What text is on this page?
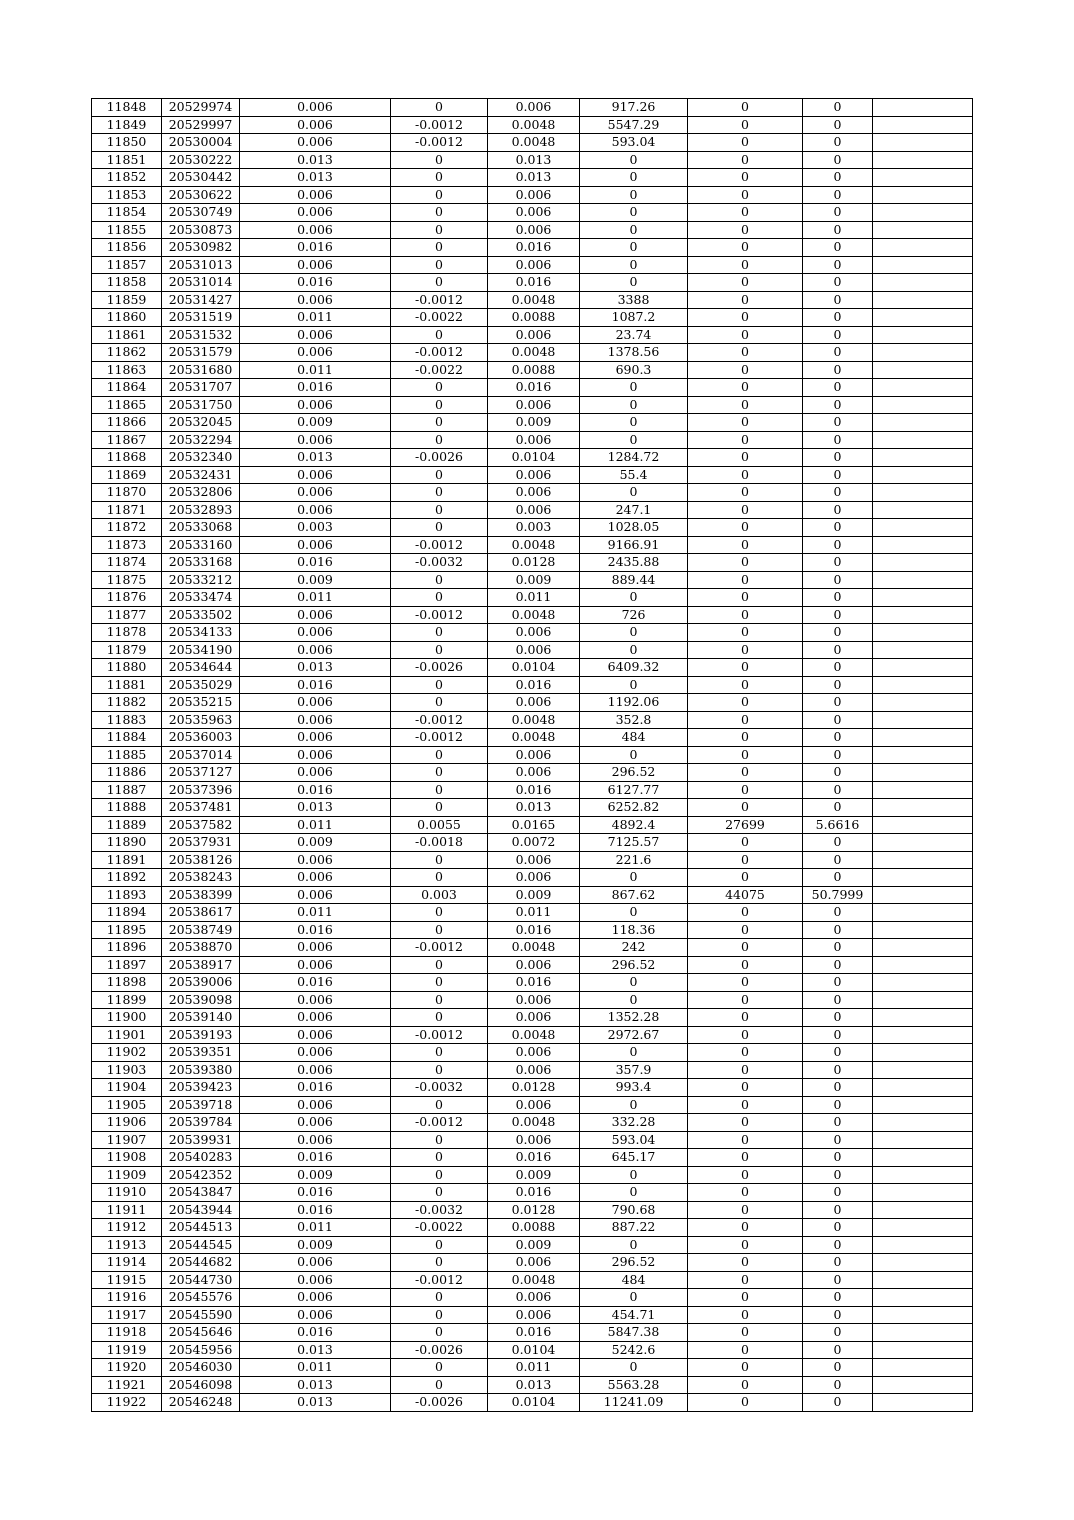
11848	20529974	0.006	0	0.006	917.26	0	0	
11849	20529997	0.006	-0.0012	0.0048	5547.29	0	0	
11850	20530004	0.006	-0.0012	0.0048	593.04	0	0	
11851	20530222	0.013	0	0.013	0	0	0	
11852	20530442	0.013	0	0.013	0	0	0	
11853	20530622	0.006	0	0.006	0	0	0	
11854	20530749	0.006	0	0.006	0	0	0	
11855	20530873	0.006	0	0.006	0	0	0	
11856	20530982	0.016	0	0.016	0	0	0	
11857	20531013	0.006	0	0.006	0	0	0	
11858	20531014	0.016	0	0.016	0	0	0	
11859	20531427	0.006	-0.0012	0.0048	3388	0	0	
11860	20531519	0.011	-0.0022	0.0088	1087.2	0	0	
11861	20531532	0.006	0	0.006	23.74	0	0	
11862	20531579	0.006	-0.0012	0.0048	1378.56	0	0	
11863	20531680	0.011	-0.0022	0.0088	690.3	0	0	
11864	20531707	0.016	0	0.016	0	0	0	
11865	20531750	0.006	0	0.006	0	0	0	
11866	20532045	0.009	0	0.009	0	0	0	
11867	20532294	0.006	0	0.006	0	0	0	
11868	20532340	0.013	-0.0026	0.0104	1284.72	0	0	
11869	20532431	0.006	0	0.006	55.4	0	0	
11870	20532806	0.006	0	0.006	0	0	0	
11871	20532893	0.006	0	0.006	247.1	0	0	
11872	20533068	0.003	0	0.003	1028.05	0	0	
11873	20533160	0.006	-0.0012	0.0048	9166.91	0	0	
11874	20533168	0.016	-0.0032	0.0128	2435.88	0	0	
11875	20533212	0.009	0	0.009	889.44	0	0	
11876	20533474	0.011	0	0.011	0	0	0	
11877	20533502	0.006	-0.0012	0.0048	726	0	0	
11878	20534133	0.006	0	0.006	0	0	0	
11879	20534190	0.006	0	0.006	0	0	0	
11880	20534644	0.013	-0.0026	0.0104	6409.32	0	0	
11881	20535029	0.016	0	0.016	0	0	0	
11882	20535215	0.006	0	0.006	1192.06	0	0	
11883	20535963	0.006	-0.0012	0.0048	352.8	0	0	
11884	20536003	0.006	-0.0012	0.0048	484	0	0	
11885	20537014	0.006	0	0.006	0	0	0	
11886	20537127	0.006	0	0.006	296.52	0	0	
11887	20537396	0.016	0	0.016	6127.77	0	0	
11888	20537481	0.013	0	0.013	6252.82	0	0	
11889	20537582	0.011	0.0055	0.0165	4892.4	27699	5.6616	
11890	20537931	0.009	-0.0018	0.0072	7125.57	0	0	
11891	20538126	0.006	0	0.006	221.6	0	0	
11892	20538243	0.006	0	0.006	0	0	0	
11893	20538399	0.006	0.003	0.009	867.62	44075	50.7999	
11894	20538617	0.011	0	0.011	0	0	0	
11895	20538749	0.016	0	0.016	118.36	0	0	
11896	20538870	0.006	-0.0012	0.0048	242	0	0	
11897	20538917	0.006	0	0.006	296.52	0	0	
11898	20539006	0.016	0	0.016	0	0	0	
11899	20539098	0.006	0	0.006	0	0	0	
11900	20539140	0.006	0	0.006	1352.28	0	0	
11901	20539193	0.006	-0.0012	0.0048	2972.67	0	0	
11902	20539351	0.006	0	0.006	0	0	0	
11903	20539380	0.006	0	0.006	357.9	0	0	
11904	20539423	0.016	-0.0032	0.0128	993.4	0	0	
11905	20539718	0.006	0	0.006	0	0	0	
11906	20539784	0.006	-0.0012	0.0048	332.28	0	0	
11907	20539931	0.006	0	0.006	593.04	0	0	
11908	20540283	0.016	0	0.016	645.17	0	0	
11909	20542352	0.009	0	0.009	0	0	0	
11910	20543847	0.016	0	0.016	0	0	0	
11911	20543944	0.016	-0.0032	0.0128	790.68	0	0	
11912	20544513	0.011	-0.0022	0.0088	887.22	0	0	
11913	20544545	0.009	0	0.009	0	0	0	
11914	20544682	0.006	0	0.006	296.52	0	0	
11915	20544730	0.006	-0.0012	0.0048	484	0	0	
11916	20545576	0.006	0	0.006	0	0	0	
11917	20545590	0.006	0	0.006	454.71	0	0	
11918	20545646	0.016	0	0.016	5847.38	0	0	
11919	20545956	0.013	-0.0026	0.0104	5242.6	0	0	
11920	20546030	0.011	0	0.011	0	0	0	
11921	20546098	0.013	0	0.013	5563.28	0	0	
11922	20546248	0.013	-0.0026	0.0104	11241.09	0	0	
